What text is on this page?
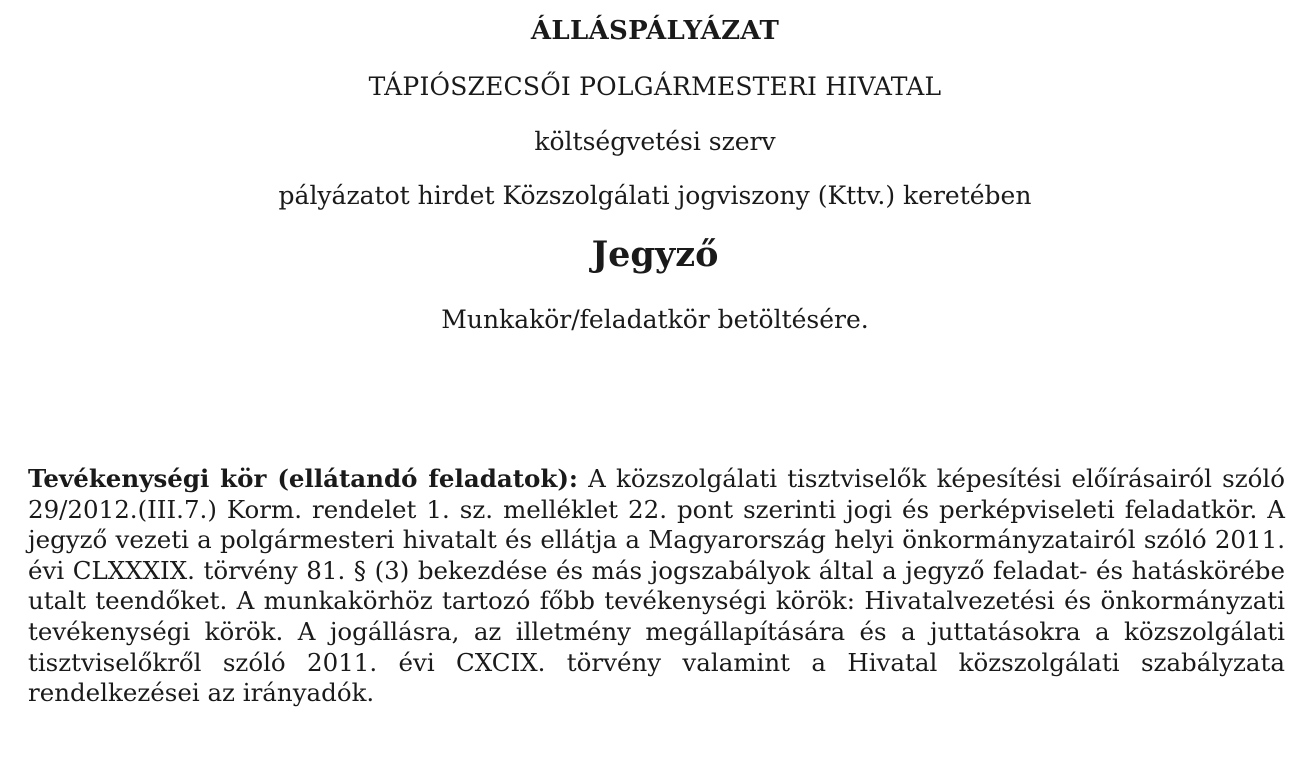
ÁLLÁSPÁLYÁZAT
TÁPIÓSZECSŐI POLGÁRMESTERI HIVATAL
költségvetési szerv
pályázatot hirdet Közszolgálati jogviszony (Kttv.) keretében
Jegyző
Munkakör/feladatkör betöltésére.

Tevékenységi kör (ellátandó feladatok): A közszolgálati tisztviselők képesítési előírásairól szóló 29/2012.(III.7.) Korm. rendelet 1. sz. melléklet 22. pont szerinti jogi és perképviseleti feladatkör. A jegyző vezeti a polgármesteri hivatalt és ellátja a Magyarország helyi önkormányzatairól szóló 2011. évi CLXXXIX. törvény 81. § (3) bekezdése és más jogszabályok által a jegyző feladat- és hatáskörébe utalt teendőket. A munkakörhöz tartozó főbb tevékenységi körök: Hivatalvezetési és önkormányzati tevékenységi körök. A jogállásra, az illetmény megállapítására és a juttatásokra a közszolgálati tisztviselőkről szóló 2011. évi CXCIX. törvény valamint a Hivatal közszolgálati szabályzata rendelkezései az irányadók.
